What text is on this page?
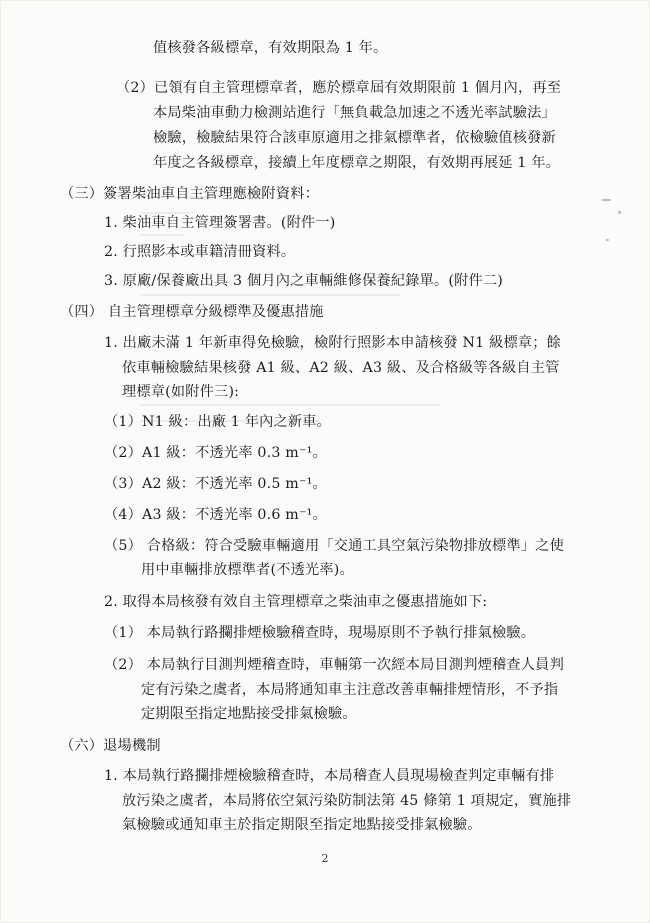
值核發各級標章，有效期限為 1 年。
（2）已領有自主管理標章者，應於標章屆有效期限前 1 個月內，再至
本局柴油車動力檢測站進行「無負載急加速之不透光率試驗法」
檢驗，檢驗結果符合該車原適用之排氣標準者，依檢驗值核發新
年度之各級標章，接續上年度標章之期限，有效期再展延 1 年。
（三）簽署柴油車自主管理應檢附資料：
1. 柴油車自主管理簽署書。(附件一)
2. 行照影本或車籍清冊資料。
3. 原廠/保養廠出具 3 個月內之車輛維修保養紀錄單。(附件二)
（四） 自主管理標章分級標準及優惠措施
1. 出廠未滿 1 年新車得免檢驗，檢附行照影本申請核發 N1 級標章；餘
依車輛檢驗結果核發 A1 級、A2 級、A3 級、及合格級等各級自主管
理標章(如附件三):
（1）N1 級：出廠 1 年內之新車。
（2）A1 級：不透光率 0.3 m⁻¹。
（3）A2 級：不透光率 0.5 m⁻¹。
（4）A3 級：不透光率 0.6 m⁻¹。
（5） 合格級：符合受驗車輛適用「交通工具空氣污染物排放標準」之使
用中車輛排放標準者(不透光率)。
2. 取得本局核發有效自主管理標章之柴油車之優惠措施如下:
（1） 本局執行路攔排煙檢驗稽查時，現場原則不予執行排氣檢驗。
（2） 本局執行目測判煙稽查時，車輛第一次經本局目測判煙稽查人員判
定有污染之虞者，本局將通知車主注意改善車輛排煙情形，不予指
定期限至指定地點接受排氣檢驗。
（六）退場機制
1. 本局執行路攔排煙檢驗稽查時，本局稽查人員現場檢查判定車輛有排
放污染之虞者，本局將依空氣污染防制法第 45 條第 1 項規定，實施排
氣檢驗或通知車主於指定期限至指定地點接受排氣檢驗。
2
